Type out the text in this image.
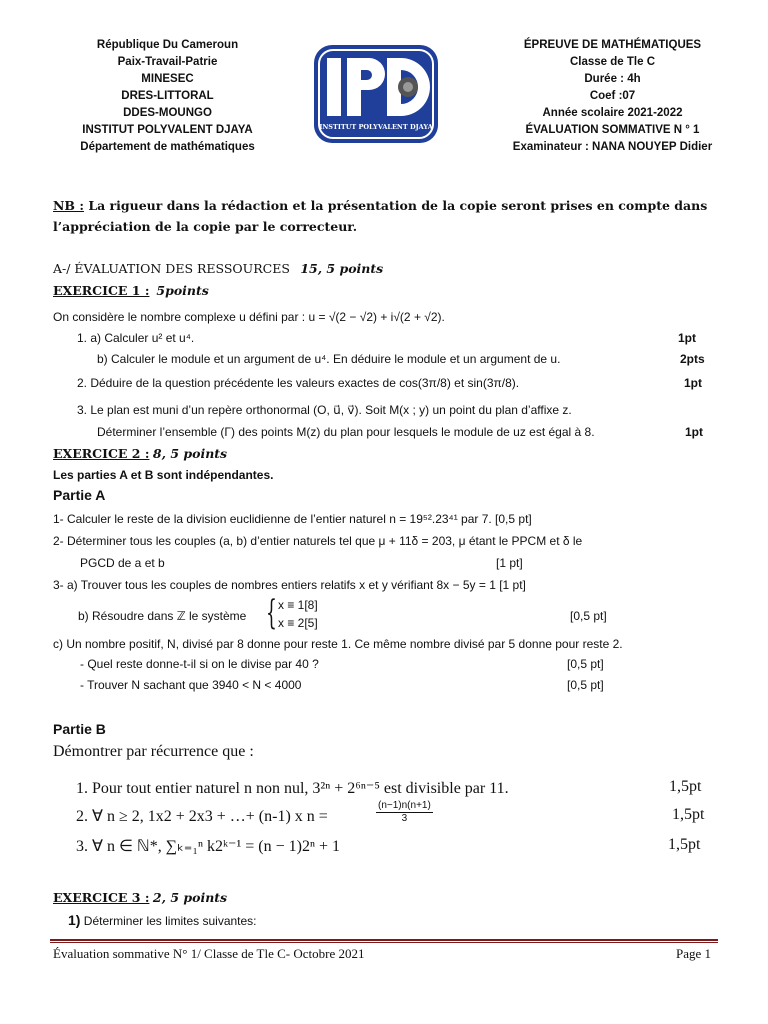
République Du Cameroun
Paix-Travail-Patrie
MINESEC
DRES-LITTORAL
DDES-MOUNGO
INSTITUT POLYVALENT DJAYA
Département de mathématiques
INSTITUT POLYVALENT DJAYA
ÉPREUVE DE MATHÉMATIQUES
Classe de Tle C
Durée : 4h
Coef :07
Année scolaire 2021-2022
ÉVALUATION SOMMATIVE N ° 1
Examinateur : NANA NOUYEP Didier
NB : La rigueur dans la rédaction et la présentation de la copie seront prises en compte dans
l’appréciation de la copie par le correcteur.
A-/ ÉVALUATION DES RESSOURCES 15, 5 points
EXERCICE 1 : 5points
On considère le nombre complexe u défini par : u = √(2 − √2) + i√(2 + √2).
1. a) Calculer u² et u⁴.	1pt
b) Calculer le module et un argument de u⁴. En déduire le module et un argument de u.	2pts
2. Déduire de la question précédente les valeurs exactes de cos(3π/8) et sin(3π/8).	1pt
3. Le plan est muni d’un repère orthonormal (O, u⃗, v⃗). Soit M(x ; y) un point du plan d’affixe z.
Déterminer l’ensemble (Γ) des points M(z) du plan pour lesquels le module de uz est égal à 8.	1pt
EXERCICE 2 : 8, 5 points
Les parties A et B sont indépendantes.
Partie A
1- Calculer le reste de la division euclidienne de l’entier naturel n = 19⁵².23⁴¹ par 7. [0,5 pt]
2- Déterminer tous les couples (a, b) d’entier naturels tel que μ + 11δ = 203, μ étant le PPCM et δ le
PGCD de a et b	[1 pt]
3- a) Trouver tous les couples de nombres entiers relatifs x et y vérifiant 8x − 5y = 1 [1 pt]
b) Résoudre dans ℤ le système { x ≡ 1[8]
x ≡ 2[5]	[0,5 pt]
c) Un nombre positif, N, divisé par 8 donne pour reste 1. Ce même nombre divisé par 5 donne pour reste 2.
- Quel reste donne-t-il si on le divise par 40 ?	[0,5 pt]
- Trouver N sachant que 3940 < N < 4000	[0,5 pt]
Partie B
Démontrer par récurrence que :
1. Pour tout entier naturel n non nul, 3²ⁿ + 2⁶ⁿ⁻⁵ est divisible par 11.	1,5pt
2. ∀ n ≥ 2, 1x2 + 2x3 + …+ (n-1) x n =	$\frac{(n-1)n(n+1)}{3}$	1,5pt
3. ∀ n ∈ ℕ*, ∑ₖ₌₁ⁿ k2ᵏ⁻¹ = (n − 1)2ⁿ + 1	1,5pt
EXERCICE 3 : 2, 5 points
1) Déterminer les limites suivantes:
Évaluation sommative N° 1/ Classe de Tle C- Octobre 2021	Page 1
